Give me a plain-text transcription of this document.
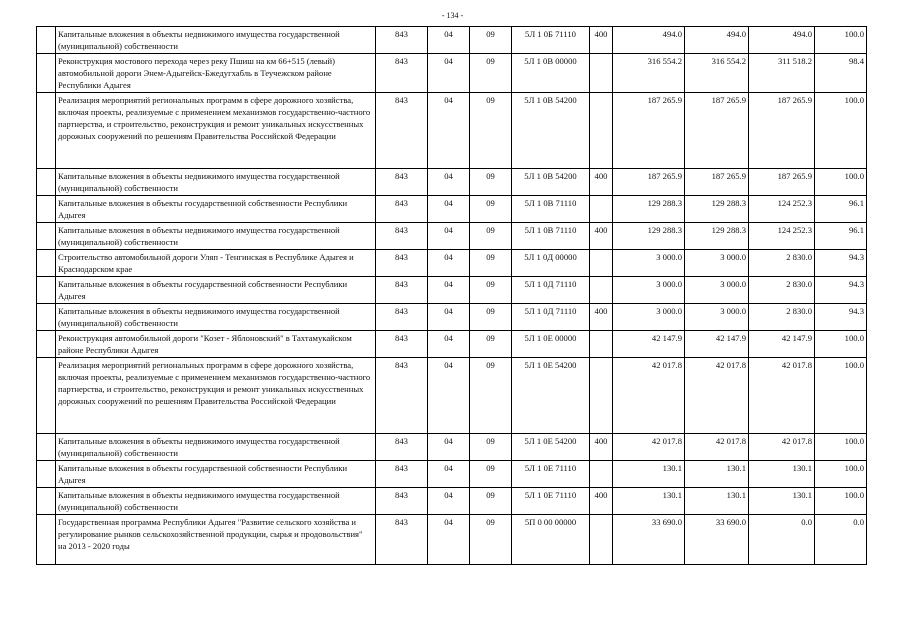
- 134 -
	Капитальные вложения в объекты недвижимого имущества государственной (муниципальной) собственности	843	04	09	5Л 1 0Б 71110	400	494.0	494.0	494.0	100.0
	Реконструкция мостового перехода через реку Пшиш на км 66+515 (левый) автомобильной дороги Энем-Адыгейск-Бжедугхабль в Теучежском районе Республики Адыгея	843	04	09	5Л 1 0В 00000		316 554.2	316 554.2	311 518.2	98.4
	Реализация мероприятий региональных программ в сфере дорожного хозяйства, включая проекты, реализуемые с применением механизмов государственно-частного партнерства, и строительство, реконструкция и ремонт уникальных искусственных дорожных сооружений по решениям Правительства Российской Федерации	843	04	09	5Л 1 0В 54200		187 265.9	187 265.9	187 265.9	100.0
	Капитальные вложения в объекты недвижимого имущества государственной (муниципальной) собственности	843	04	09	5Л 1 0В 54200	400	187 265.9	187 265.9	187 265.9	100.0
	Капитальные вложения в объекты государственной собственности Республики Адыгея	843	04	09	5Л 1 0В 71110		129 288.3	129 288.3	124 252.3	96.1
	Капитальные вложения в объекты недвижимого имущества государственной (муниципальной) собственности	843	04	09	5Л 1 0В 71110	400	129 288.3	129 288.3	124 252.3	96.1
	Строительство автомобильной дороги Уляп - Тенгинская в Республике Адыгея и Краснодарском крае	843	04	09	5Л 1 0Д 00000		3 000.0	3 000.0	2 830.0	94.3
	Капитальные вложения в объекты государственной собственности Республики Адыгея	843	04	09	5Л 1 0Д 71110		3 000.0	3 000.0	2 830.0	94.3
	Капитальные вложения в объекты недвижимого имущества государственной (муниципальной) собственности	843	04	09	5Л 1 0Д 71110	400	3 000.0	3 000.0	2 830.0	94.3
	Реконструкция автомобильной дороги "Козет - Яблоновский" в Тахтамукайском районе Республики Адыгея	843	04	09	5Л 1 0Е 00000		42 147.9	42 147.9	42 147.9	100.0
	Реализация мероприятий региональных программ в сфере дорожного хозяйства, включая проекты, реализуемые с применением механизмов государственно-частного партнерства, и строительство, реконструкция и ремонт уникальных искусственных дорожных сооружений по решениям Правительства Российской Федерации	843	04	09	5Л 1 0Е 54200		42 017.8	42 017.8	42 017.8	100.0
	Капитальные вложения в объекты недвижимого имущества государственной (муниципальной) собственности	843	04	09	5Л 1 0Е 54200	400	42 017.8	42 017.8	42 017.8	100.0
	Капитальные вложения в объекты государственной собственности Республики Адыгея	843	04	09	5Л 1 0Е 71110		130.1	130.1	130.1	100.0
	Капитальные вложения в объекты недвижимого имущества государственной (муниципальной) собственности	843	04	09	5Л 1 0Е 71110	400	130.1	130.1	130.1	100.0
	Государственная программа Республики Адыгея "Развитие сельского хозяйства и регулирование рынков сельскохозяйственной продукции, сырья и продовольствия" на 2013 - 2020 годы	843	04	09	5П 0 00 00000		33 690.0	33 690.0	0.0	0.0
